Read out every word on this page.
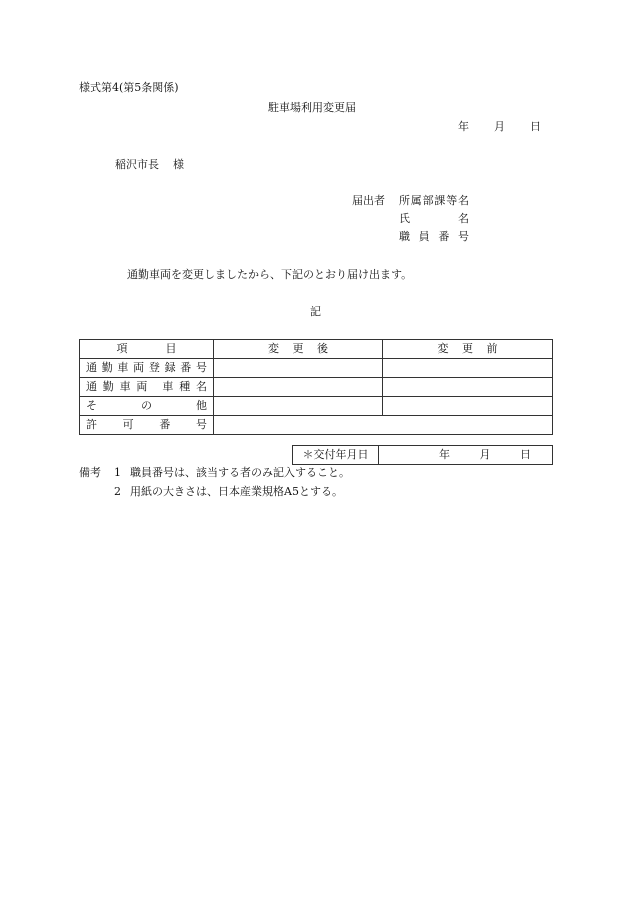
様式第4(第5条関係)
駐車場利用変更届
年 月 日
稲沢市長 様
届出者 所属部課等名
氏名
職員番号
通勤車両を変更しましたから、下記のとおり届け出ます。
記
項目	変更後	変更前

通勤車両登録番号		

通勤車両 車種名		

その他		

許可番号		

＊交付年月日	年	月	日
備考 1 職員番号は、該当する者のみ記入すること。
2 用紙の大きさは、日本産業規格A5とする。
